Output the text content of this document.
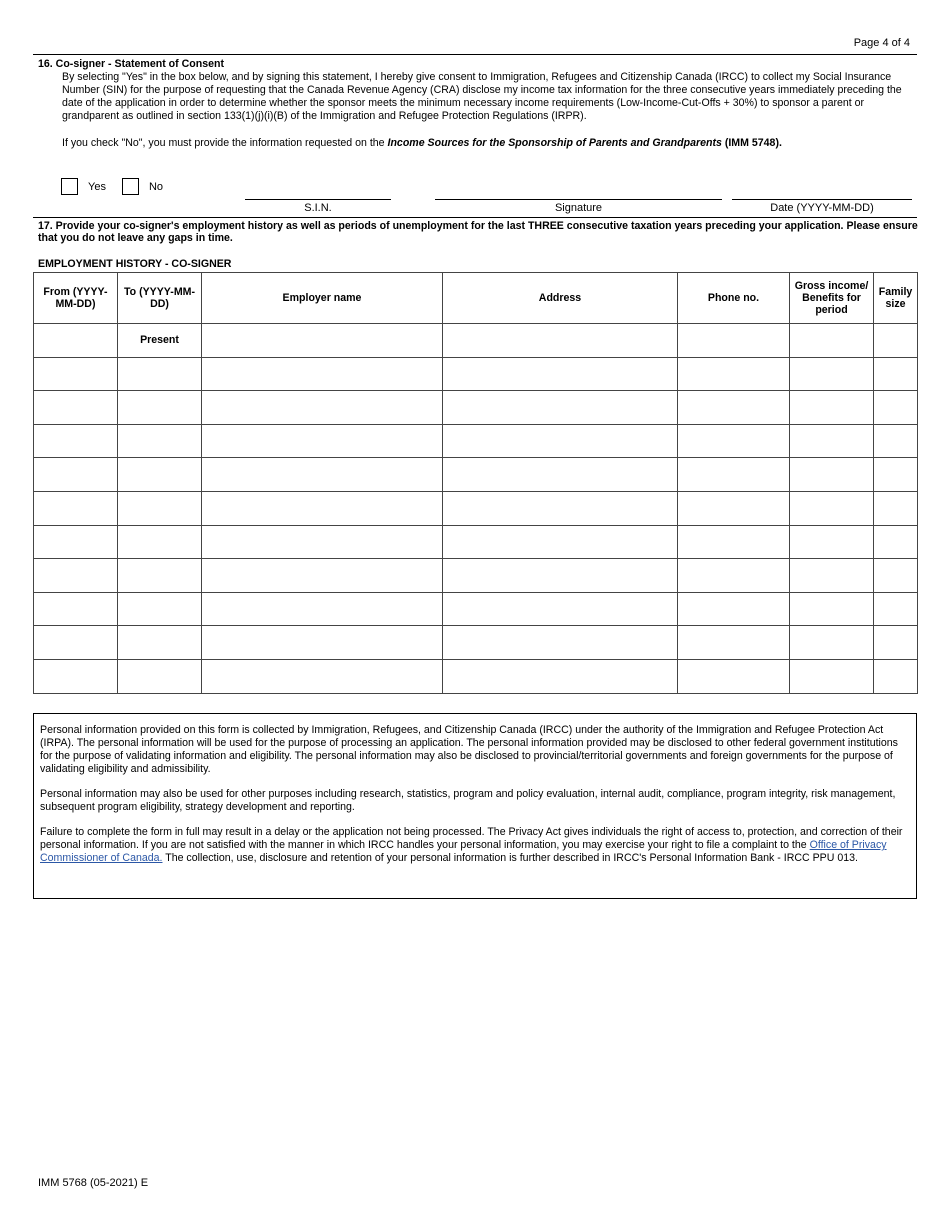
Page 4 of 4
16. Co-signer - Statement of Consent
By selecting "Yes" in the box below, and by signing this statement, I hereby give consent to Immigration, Refugees and Citizenship Canada (IRCC) to collect my Social Insurance Number (SIN) for the purpose of requesting that the Canada Revenue Agency (CRA) disclose my income tax information for the three consecutive years immediately preceding the date of the application in order to determine whether the sponsor meets the minimum necessary income requirements (Low-Income-Cut-Offs + 30%) to sponsor a parent or grandparent as outlined in section 133(1)(j)(i)(B) of the Immigration and Refugee Protection Regulations (IRPR).
If you check "No", you must provide the information requested on the Income Sources for the Sponsorship of Parents and Grandparents (IMM 5748).
Yes	No
S.I.N.	Signature	Date (YYYY-MM-DD)
17. Provide your co-signer's employment history as well as periods of unemployment for the last THREE consecutive taxation years preceding your application. Please ensure that you do not leave any gaps in time.
EMPLOYMENT HISTORY - CO-SIGNER
From (YYYY-MM-DD)	To (YYYY-MM-DD)	Employer name	Address	Phone no.	Gross income/ Benefits for period	Family size
	Present					

Personal information provided on this form is collected by Immigration, Refugees, and Citizenship Canada (IRCC) under the authority of the Immigration and Refugee Protection Act (IRPA). The personal information will be used for the purpose of processing an application. The personal information provided may be disclosed to other federal government institutions for the purpose of validating information and eligibility. The personal information may also be disclosed to provincial/territorial governments and foreign governments for the purpose of validating eligibility and admissibility.

Personal information may also be used for other purposes including research, statistics, program and policy evaluation, internal audit, compliance, program integrity, risk management, subsequent program eligibility, strategy development and reporting.

Failure to complete the form in full may result in a delay or the application not being processed. The Privacy Act gives individuals the right of access to, protection, and correction of their personal information. If you are not satisfied with the manner in which IRCC handles your personal information, you may exercise your right to file a complaint to the Office of Privacy Commissioner of Canada. The collection, use, disclosure and retention of your personal information is further described in IRCC's Personal Information Bank - IRCC PPU 013.

IMM 5768 (05-2021) E
